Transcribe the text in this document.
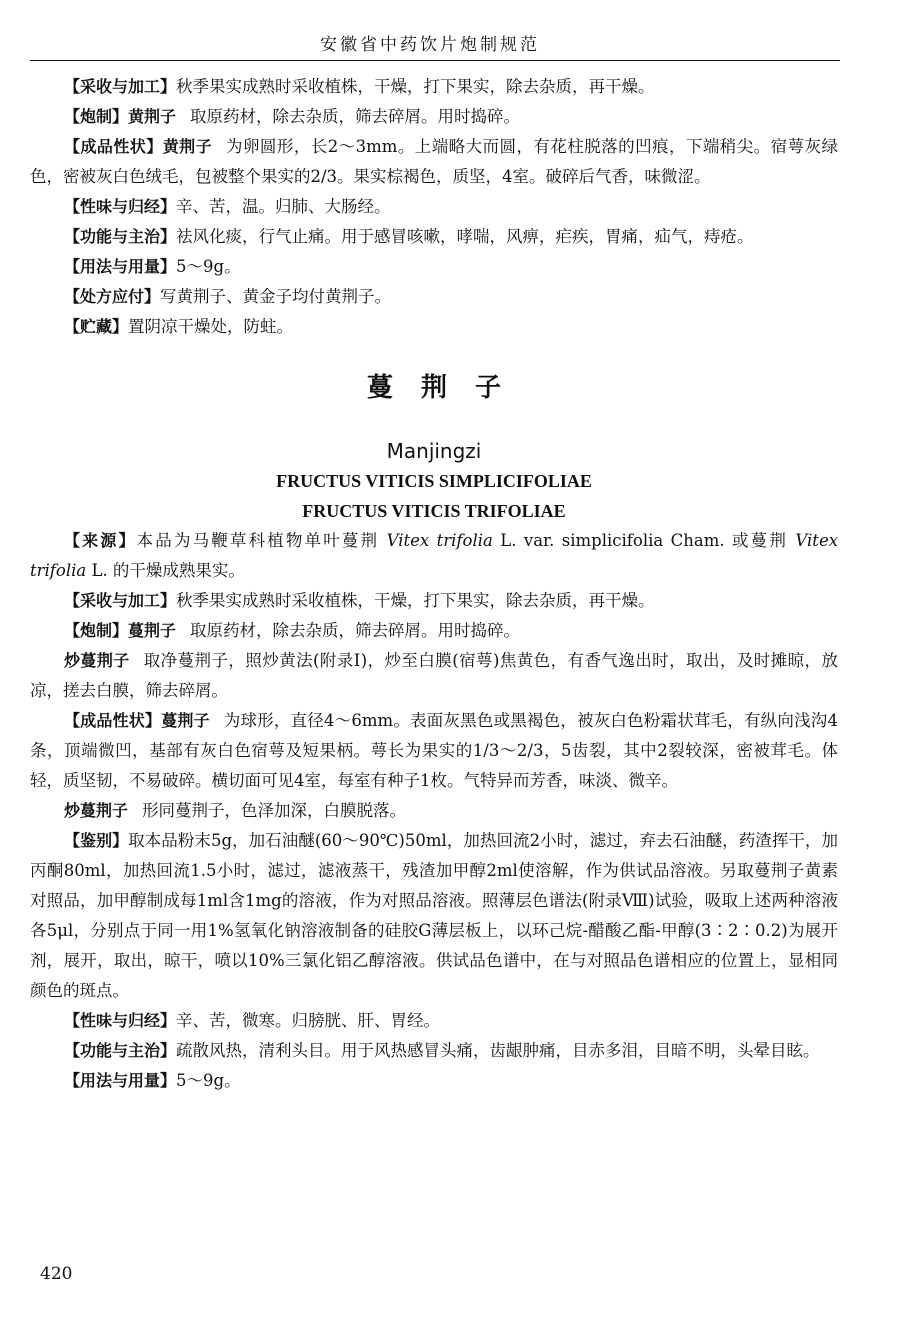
安徽省中药饮片炮制规范

【采收与加工】秋季果实成熟时采收植株，干燥，打下果实，除去杂质，再干燥。

【炮制】黄荆子 取原药材，除去杂质，筛去碎屑。用时捣碎。

【成品性状】黄荆子 为卵圆形，长2～3mm。上端略大而圆，有花柱脱落的凹痕，下端稍尖。宿萼灰绿色，密被灰白色绒毛，包被整个果实的2/3。果实棕褐色，质坚，4室。破碎后气香，味微涩。

【性味与归经】辛、苦，温。归肺、大肠经。

【功能与主治】祛风化痰，行气止痛。用于感冒咳嗽，哮喘，风痹，疟疾，胃痛，疝气，痔疮。

【用法与用量】5～9g。

【处方应付】写黄荆子、黄金子均付黄荆子。

【贮藏】置阴凉干燥处，防蛀。

蔓荆子
Manjingzi
FRUCTUS VITICIS SIMPLICIFOLIAE
FRUCTUS VITICIS TRIFOLIAE

【来源】本品为马鞭草科植物单叶蔓荆 Vitex trifolia L. var. simplicifolia Cham. 或蔓荆 Vitex trifolia L. 的干燥成熟果实。

【采收与加工】秋季果实成熟时采收植株，干燥，打下果实，除去杂质，再干燥。

【炮制】蔓荆子 取原药材，除去杂质，筛去碎屑。用时捣碎。

炒蔓荆子 取净蔓荆子，照炒黄法(附录Ⅰ)，炒至白膜(宿萼)焦黄色，有香气逸出时，取出，及时摊晾，放凉，搓去白膜，筛去碎屑。

【成品性状】蔓荆子 为球形，直径4～6mm。表面灰黑色或黑褐色，被灰白色粉霜状茸毛，有纵向浅沟4条，顶端微凹，基部有灰白色宿萼及短果柄。萼长为果实的1/3～2/3，5齿裂，其中2裂较深，密被茸毛。体轻，质坚韧，不易破碎。横切面可见4室，每室有种子1枚。气特异而芳香，味淡、微辛。

炒蔓荆子 形同蔓荆子，色泽加深，白膜脱落。

【鉴别】取本品粉末5g，加石油醚(60～90℃)50ml，加热回流2小时，滤过，弃去石油醚，药渣挥干，加丙酮80ml，加热回流1.5小时，滤过，滤液蒸干，残渣加甲醇2ml使溶解，作为供试品溶液。另取蔓荆子黄素对照品，加甲醇制成每1ml含1mg的溶液，作为对照品溶液。照薄层色谱法(附录Ⅷ)试验，吸取上述两种溶液各5μl，分别点于同一用1%氢氧化钠溶液制备的硅胶G薄层板上，以环己烷-醋酸乙酯-甲醇(3∶2∶0.2)为展开剂，展开，取出，晾干，喷以10%三氯化铝乙醇溶液。供试品色谱中，在与对照品色谱相应的位置上，显相同颜色的斑点。

【性味与归经】辛、苦，微寒。归膀胱、肝、胃经。

【功能与主治】疏散风热，清利头目。用于风热感冒头痛，齿龈肿痛，目赤多泪，目暗不明，头晕目眩。

【用法与用量】5～9g。

420
